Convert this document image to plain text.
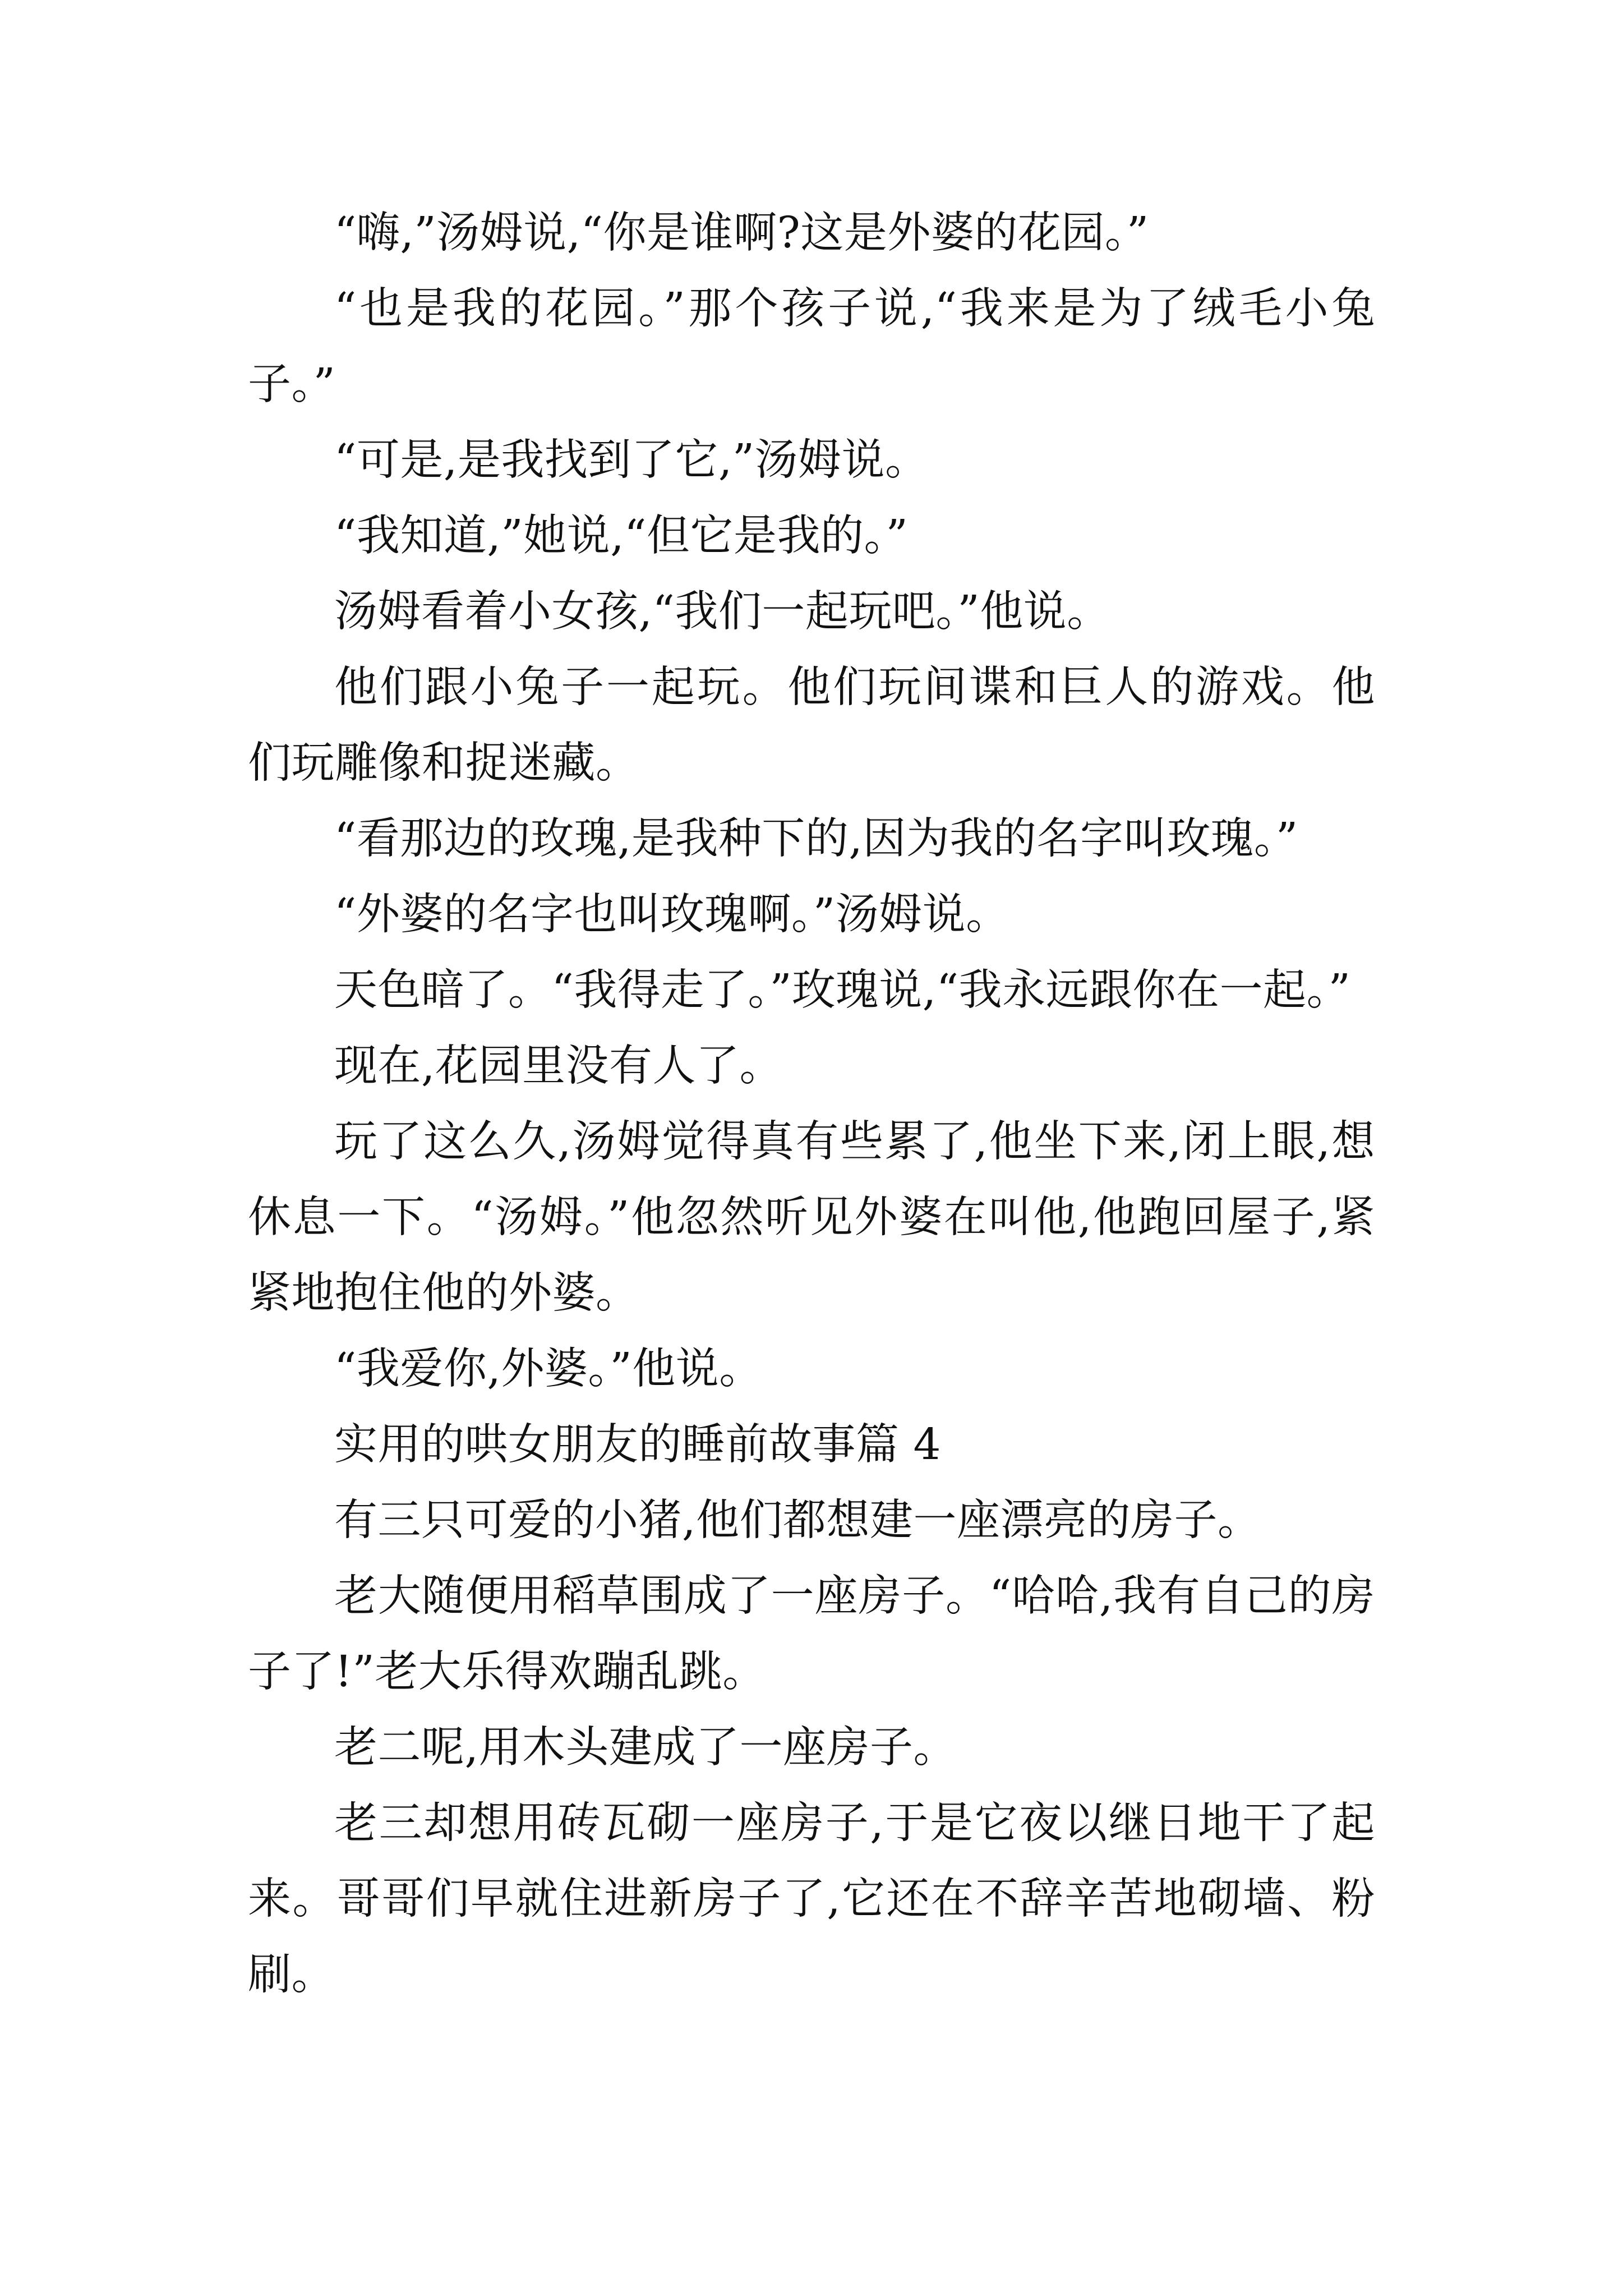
“嗨,”汤姆说,“你是谁啊?这是外婆的花园。”

“也是我的花园。”那个孩子说,“我来是为了绒毛小兔子。”

“可是,是我找到了它,”汤姆说。

“我知道,”她说,“但它是我的。”

汤姆看着小女孩,“我们一起玩吧。”他说。

他们跟小兔子一起玩。他们玩间谍和巨人的游戏。他们玩雕像和捉迷藏。

“看那边的玫瑰,是我种下的,因为我的名字叫玫瑰。”

“外婆的名字也叫玫瑰啊。”汤姆说。

天色暗了。“我得走了。”玫瑰说,“我永远跟你在一起。”

现在,花园里没有人了。

玩了这么久,汤姆觉得真有些累了,他坐下来,闭上眼,想休息一下。“汤姆。”他忽然听见外婆在叫他,他跑回屋子,紧紧地抱住他的外婆。

“我爱你,外婆。”他说。

实用的哄女朋友的睡前故事篇 4

有三只可爱的小猪,他们都想建一座漂亮的房子。

老大随便用稻草围成了一座房子。“哈哈,我有自己的房子了!”老大乐得欢蹦乱跳。

老二呢,用木头建成了一座房子。

老三却想用砖瓦砌一座房子,于是它夜以继日地干了起来。哥哥们早就住进新房子了,它还在不辞辛苦地砌墙、粉刷。
